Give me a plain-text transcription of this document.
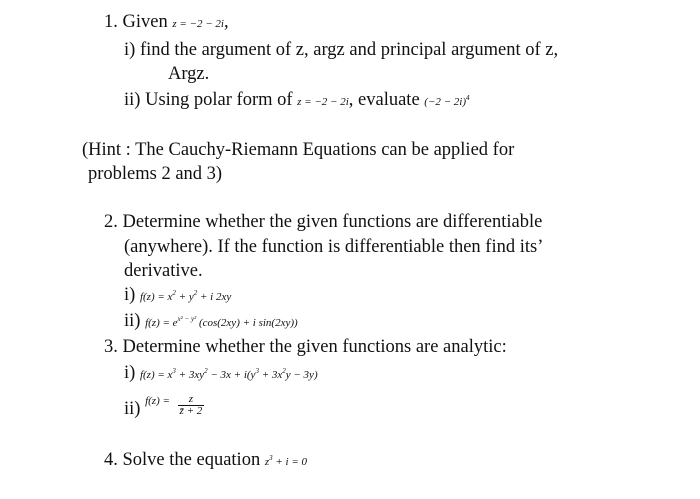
1. Given z = −2 − 2i,
i) find the argument of z, argz and principal argument of z,
Argz.
ii) Using polar form of z = −2 − 2i, evaluate $(-2 - 2i)^4$
(Hint : The Cauchy-Riemann Equations can be applied for
problems 2 and 3)
2. Determine whether the given functions are differentiable
(anywhere). If the function is differentiable then find its’
derivative.
i) $f(z) = x^2 + y^2 + i$ 2xy
ii) $f(z) = e^{x^2 - y^2}$ (cos(2xy) + i sin(2xy))
3. Determine whether the given functions are analytic:
i) $f(z) = x^3 + 3xy^2 - 3x + i(y^3 + 3x^2y - 3y)$
ii) $^{f(z) =} \frac{z}{z̄ + 2}$
4. Solve the equation $z^3 + i = 0$
